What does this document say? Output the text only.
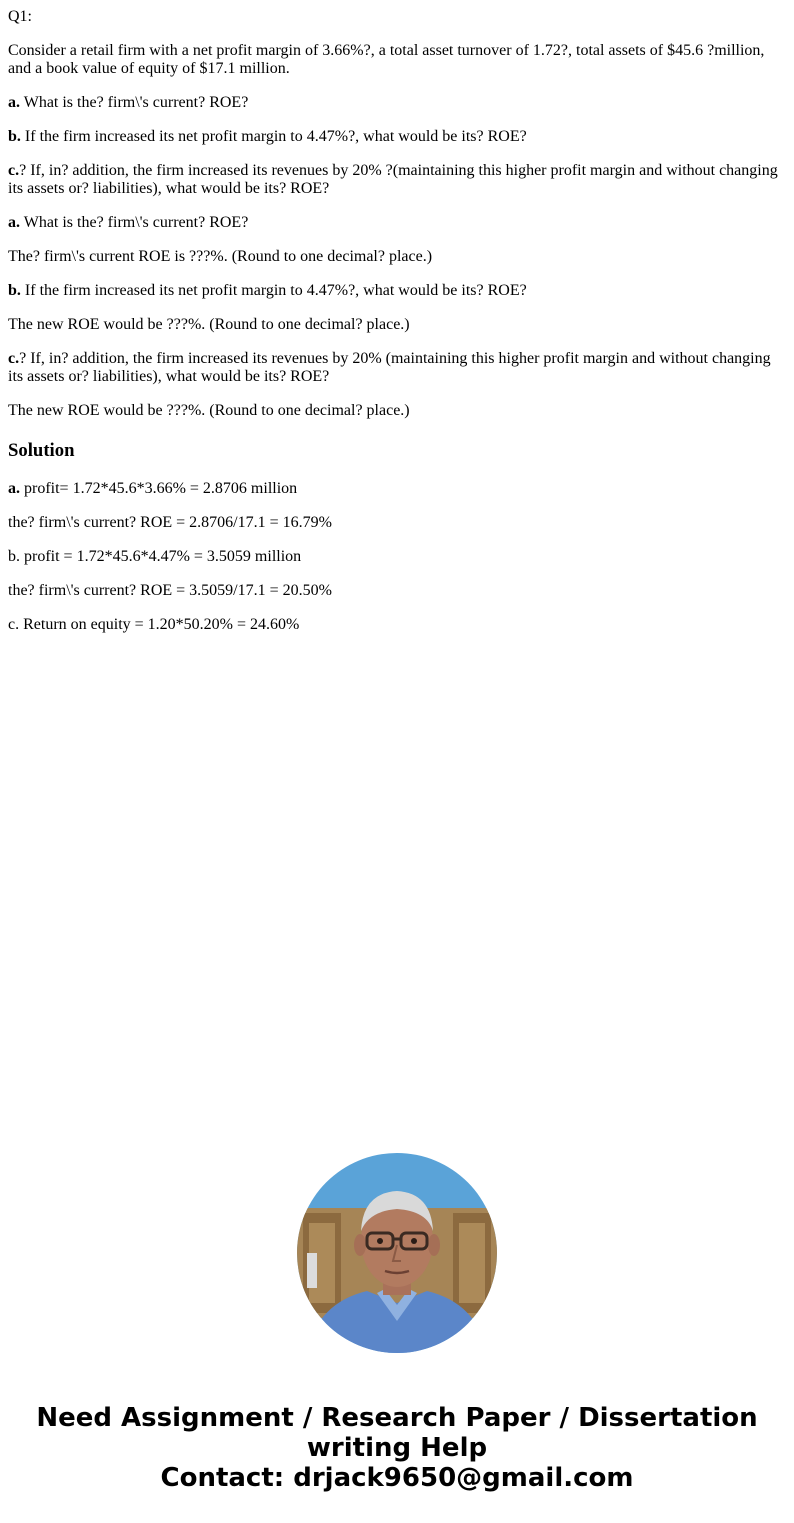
Q1:

Consider a retail firm with a net profit margin of 3.66%?, a total asset turnover of 1.72?, total assets of $45.6 ?million, and a book value of equity of $17.1 million.

a. What is the? firm\'s current? ROE?

b. If the firm increased its net profit margin to 4.47%?, what would be its? ROE?

c.? If, in? addition, the firm increased its revenues by 20% ?(maintaining this higher profit margin and without changing its assets or? liabilities), what would be its? ROE?

a. What is the? firm\'s current? ROE?

The? firm\'s current ROE is ???%. (Round to one decimal? place.)

b. If the firm increased its net profit margin to 4.47%?, what would be its? ROE?

The new ROE would be ???%. (Round to one decimal? place.)

c.? If, in? addition, the firm increased its revenues by 20% (maintaining this higher profit margin and without changing its assets or? liabilities), what would be its? ROE?

The new ROE would be ???%. (Round to one decimal? place.)

Solution

a. profit= 1.72*45.6*3.66% = 2.8706 million

the? firm\'s current? ROE = 2.8706/17.1 = 16.79%

b. profit = 1.72*45.6*4.47% = 3.5059 million

the? firm\'s current? ROE = 3.5059/17.1 = 20.50%

c. Return on equity = 1.20*50.20% = 24.60%

Need Assignment / Research Paper / Dissertation
writing Help
Contact: drjack9650@gmail.com
